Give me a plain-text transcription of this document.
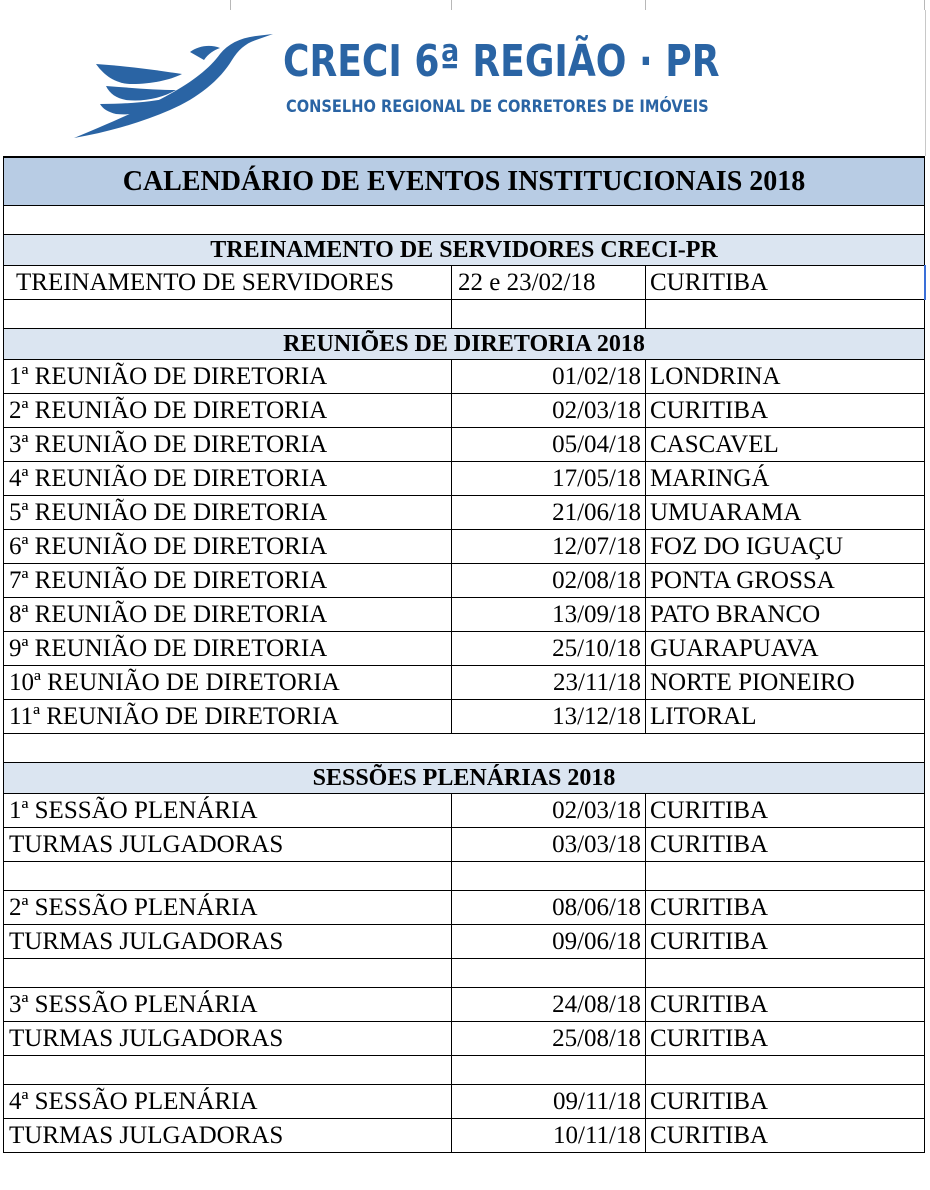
CRECI 6ª REGIÃO · PR
CONSELHO REGIONAL DE CORRETORES DE IMÓVEIS
CALENDÁRIO DE EVENTOS INSTITUCIONAIS 2018		

TREINAMENTO DE SERVIDORES CRECI-PR		
TREINAMENTO DE SERVIDORES	22 e 23/02/18	CURITIBA

REUNIÕES DE DIRETORIA 2018		
1ª REUNIÃO DE DIRETORIA	01/02/18	LONDRINA
2ª REUNIÃO DE DIRETORIA	02/03/18	CURITIBA
3ª REUNIÃO DE DIRETORIA	05/04/18	CASCAVEL
4ª REUNIÃO DE DIRETORIA	17/05/18	MARINGÁ
5ª REUNIÃO DE DIRETORIA	21/06/18	UMUARAMA
6ª REUNIÃO DE DIRETORIA	12/07/18	FOZ DO IGUAÇU
7ª REUNIÃO DE DIRETORIA	02/08/18	PONTA GROSSA
8ª REUNIÃO DE DIRETORIA	13/09/18	PATO BRANCO
9ª REUNIÃO DE DIRETORIA	25/10/18	GUARAPUAVA
10ª REUNIÃO DE DIRETORIA	23/11/18	NORTE PIONEIRO
11ª REUNIÃO DE DIRETORIA	13/12/18	LITORAL

SESSÕES PLENÁRIAS 2018		
1ª SESSÃO PLENÁRIA	02/03/18	CURITIBA
TURMAS JULGADORAS	03/03/18	CURITIBA

2ª SESSÃO PLENÁRIA	08/06/18	CURITIBA
TURMAS JULGADORAS	09/06/18	CURITIBA

3ª SESSÃO PLENÁRIA	24/08/18	CURITIBA
TURMAS JULGADORAS	25/08/18	CURITIBA

4ª SESSÃO PLENÁRIA	09/11/18	CURITIBA
TURMAS JULGADORAS	10/11/18	CURITIBA
